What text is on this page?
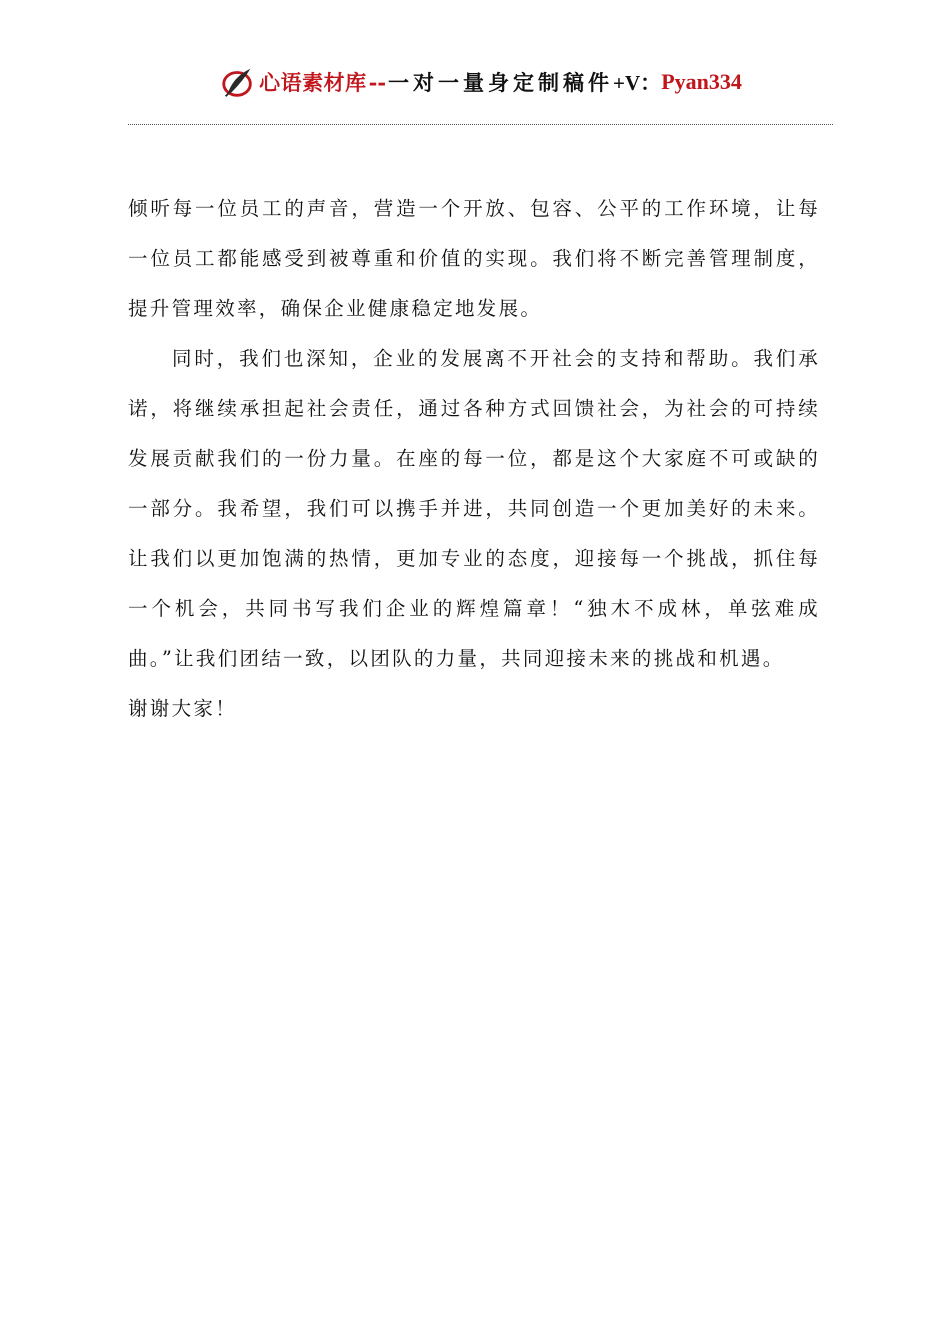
心语素材库 -- 一对一量身定制稿件 +V： Pyan334

倾听每一位员工的声音，营造一个开放、包容、公平的工作环境，让每一位员工都能感受到被尊重和价值的实现。我们将不断完善管理制度，提升管理效率，确保企业健康稳定地发展。

同时，我们也深知，企业的发展离不开社会的支持和帮助。我们承诺，将继续承担起社会责任，通过各种方式回馈社会，为社会的可持续发展贡献我们的一份力量。在座的每一位，都是这个大家庭不可或缺的一部分。我希望，我们可以携手并进，共同创造一个更加美好的未来。让我们以更加饱满的热情，更加专业的态度，迎接每一个挑战，抓住每一个机会，共同书写我们企业的辉煌篇章！“独木不成林，单弦难成曲。”让我们团结一致，以团队的力量，共同迎接未来的挑战和机遇。

谢谢大家！
